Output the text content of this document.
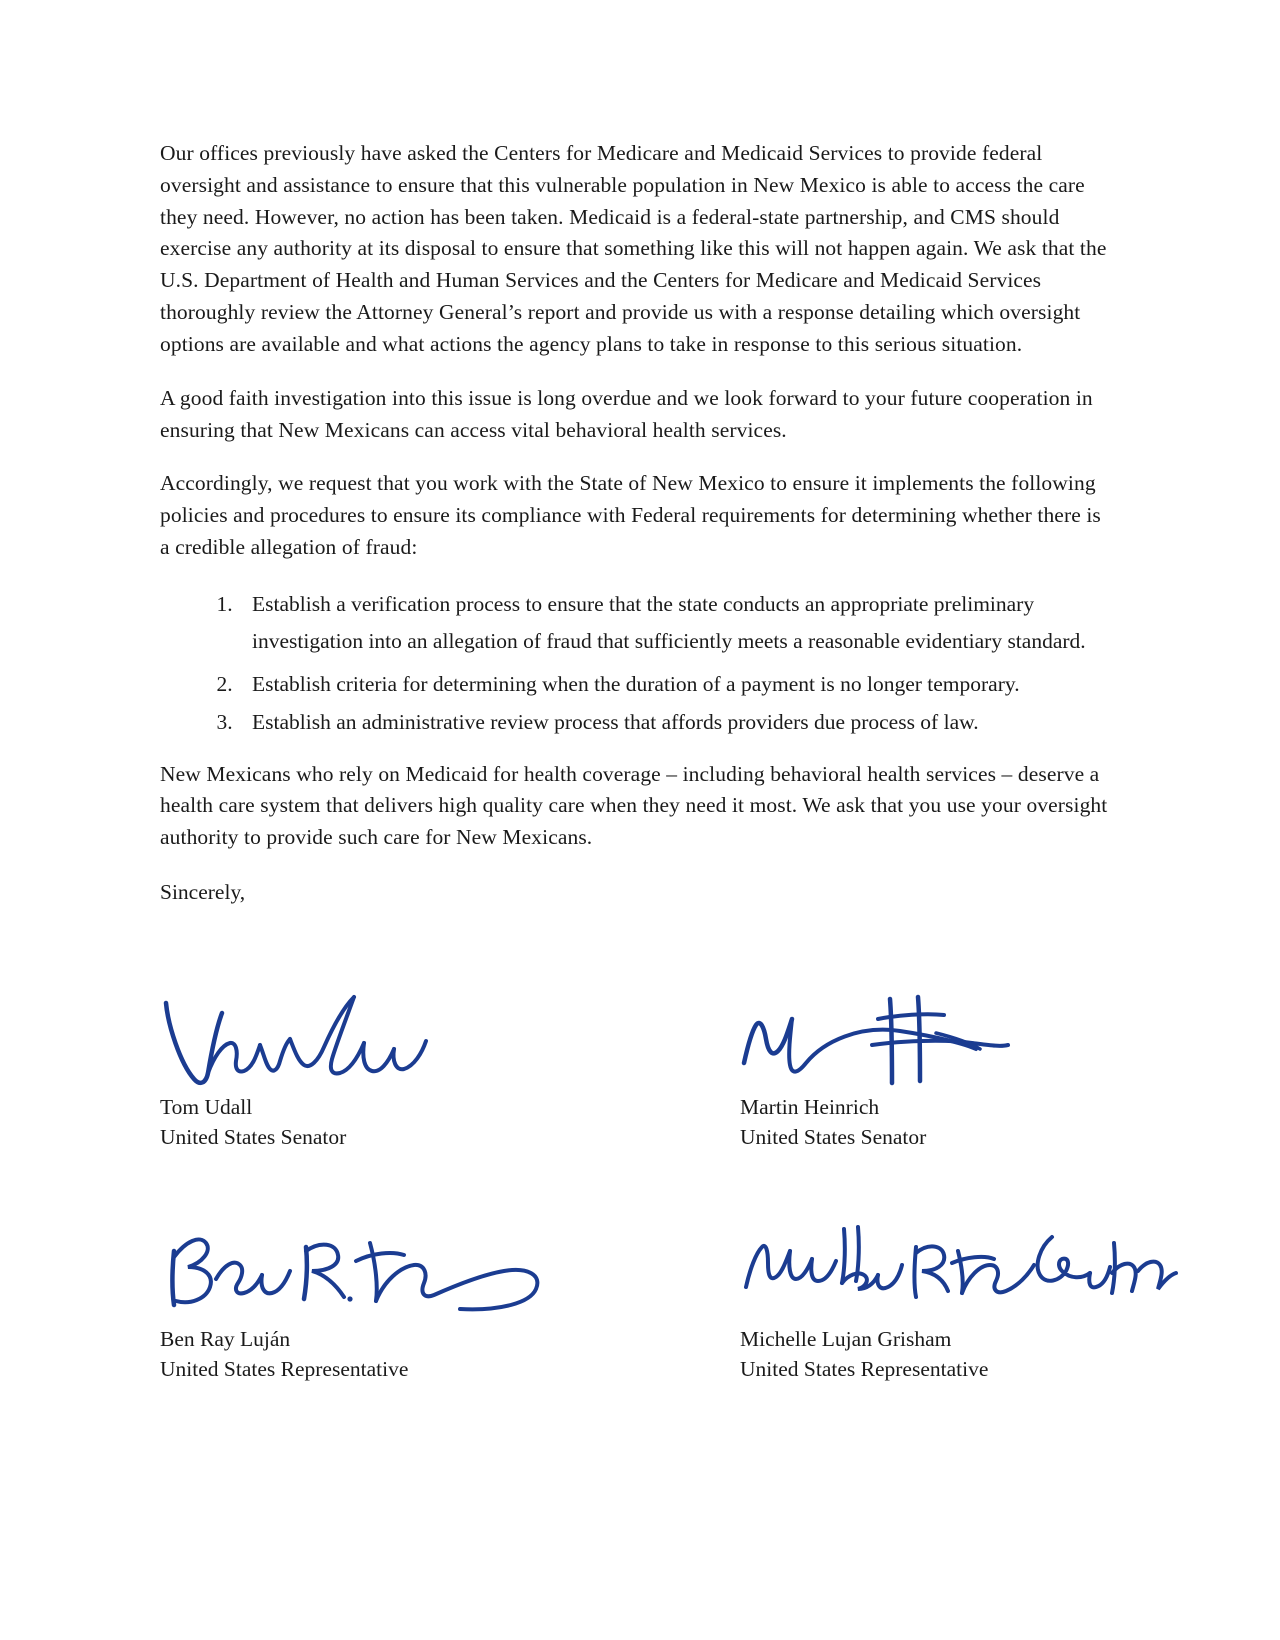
Our offices previously have asked the Centers for Medicare and Medicaid Services to provide federal oversight and assistance to ensure that this vulnerable population in New Mexico is able to access the care they need. However, no action has been taken. Medicaid is a federal-state partnership, and CMS should exercise any authority at its disposal to ensure that something like this will not happen again. We ask that the U.S. Department of Health and Human Services and the Centers for Medicare and Medicaid Services thoroughly review the Attorney General’s report and provide us with a response detailing which oversight options are available and what actions the agency plans to take in response to this serious situation.

A good faith investigation into this issue is long overdue and we look forward to your future cooperation in ensuring that New Mexicans can access vital behavioral health services.

Accordingly, we request that you work with the State of New Mexico to ensure it implements the following policies and procedures to ensure its compliance with Federal requirements for determining whether there is a credible allegation of fraud:

1. Establish a verification process to ensure that the state conducts an appropriate preliminary investigation into an allegation of fraud that sufficiently meets a reasonable evidentiary standard.
2. Establish criteria for determining when the duration of a payment is no longer temporary.
3. Establish an administrative review process that affords providers due process of law.

New Mexicans who rely on Medicaid for health coverage – including behavioral health services – deserve a health care system that delivers high quality care when they need it most. We ask that you use your oversight authority to provide such care for New Mexicans.

Sincerely,

Tom Udall

United States Senator

Martin Heinrich

United States Senator

Ben Ray Luján

United States Representative

Michelle Lujan Grisham

United States Representative
